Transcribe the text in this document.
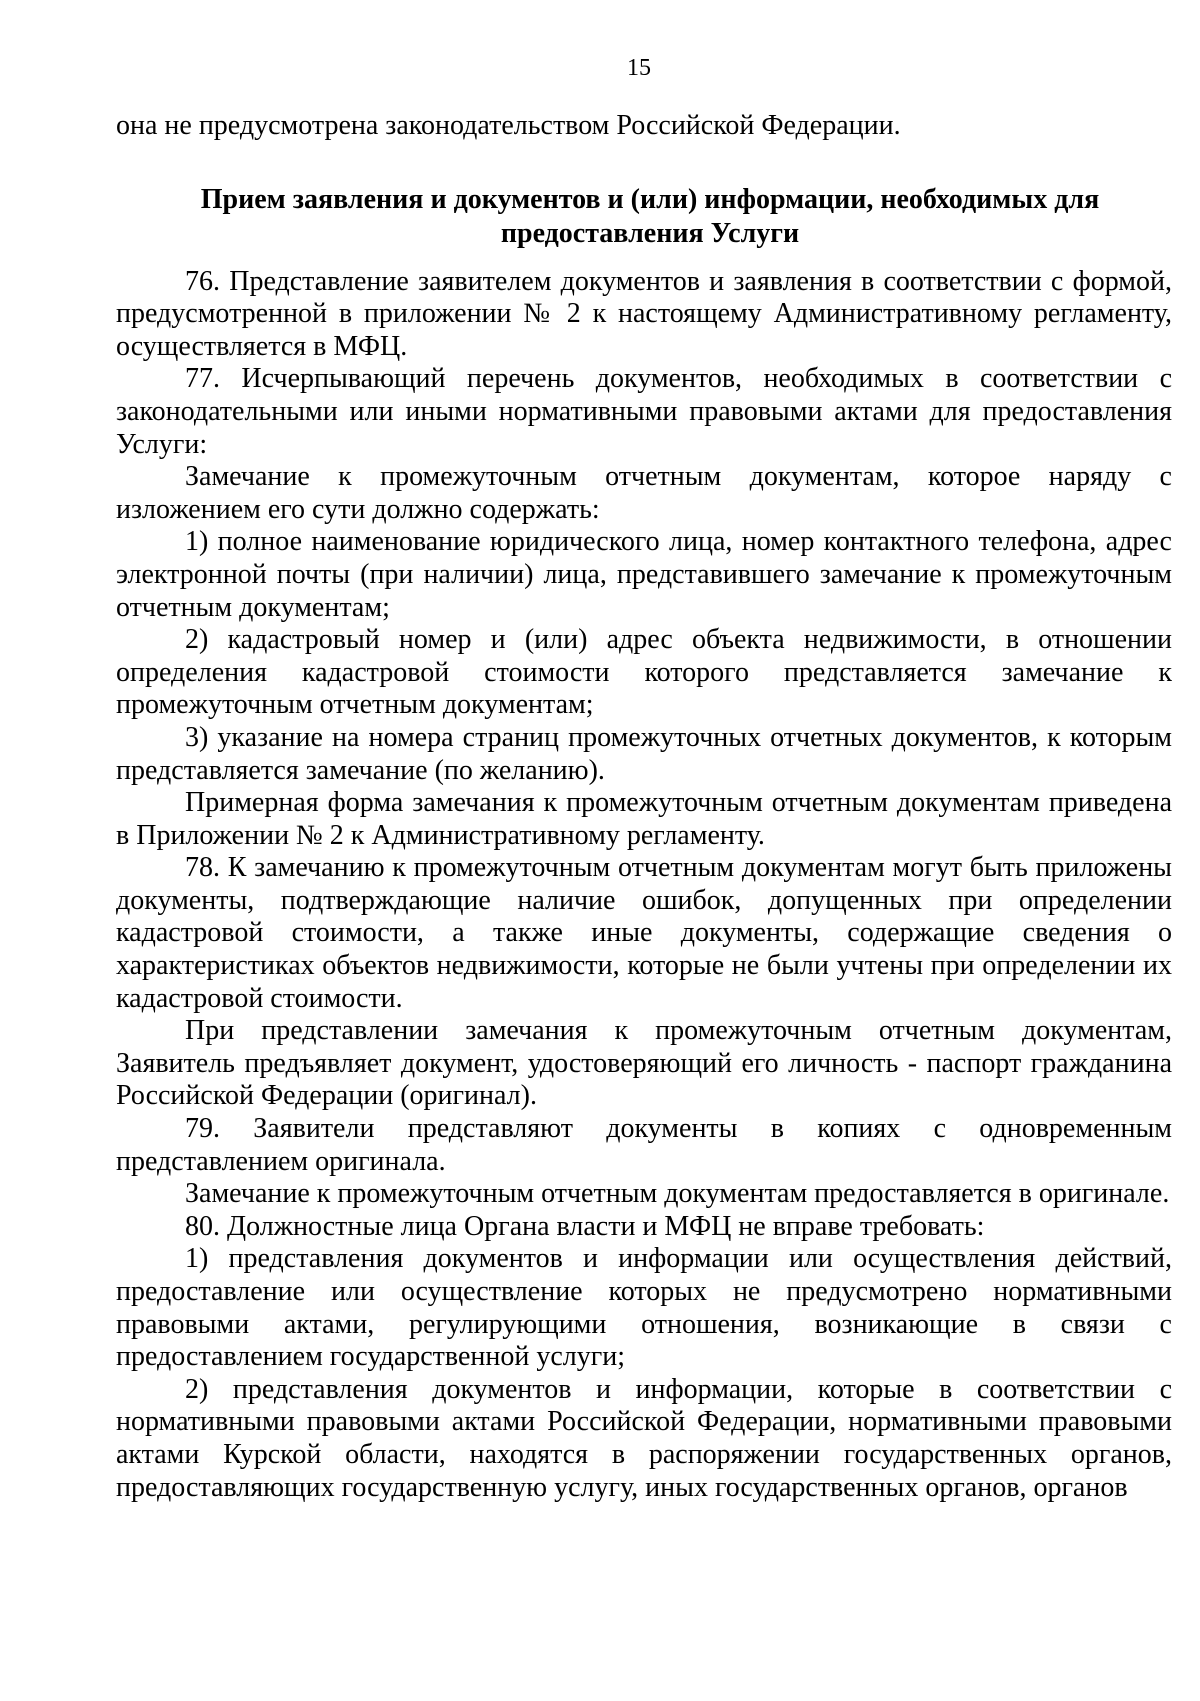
15

она не предусмотрена законодательством Российской Федерации.

Прием заявления и документов и (или) информации, необходимых для предоставления Услуги

76. Представление заявителем документов и заявления в соответствии с формой, предусмотренной в приложении № 2 к настоящему Административному регламенту, осуществляется в МФЦ.

77. Исчерпывающий перечень документов, необходимых в соответствии с законодательными или иными нормативными правовыми актами для предоставления Услуги:

Замечание к промежуточным отчетным документам, которое наряду с изложением его сути должно содержать:

1) полное наименование юридического лица, номер контактного телефона, адрес электронной почты (при наличии) лица, представившего замечание к промежуточным отчетным документам;

2) кадастровый номер и (или) адрес объекта недвижимости, в отношении определения кадастровой стоимости которого представляется замечание к промежуточным отчетным документам;

3) указание на номера страниц промежуточных отчетных документов, к которым представляется замечание (по желанию).

Примерная форма замечания к промежуточным отчетным документам приведена в Приложении № 2 к Административному регламенту.

78. К замечанию к промежуточным отчетным документам могут быть приложены документы, подтверждающие наличие ошибок, допущенных при определении кадастровой стоимости, а также иные документы, содержащие сведения о характеристиках объектов недвижимости, которые не были учтены при определении их кадастровой стоимости.

При представлении замечания к промежуточным отчетным документам, Заявитель предъявляет документ, удостоверяющий его личность - паспорт гражданина Российской Федерации (оригинал).

79. Заявители представляют документы в копиях с одновременным представлением оригинала.

Замечание к промежуточным отчетным документам предоставляется в оригинале.

80. Должностные лица Органа власти и МФЦ не вправе требовать:

1) представления документов и информации или осуществления действий, предоставление или осуществление которых не предусмотрено нормативными правовыми актами, регулирующими отношения, возникающие в связи с предоставлением государственной услуги;

2) представления документов и информации, которые в соответствии с нормативными правовыми актами Российской Федерации, нормативными правовыми актами Курской области, находятся в распоряжении государственных органов, предоставляющих государственную услугу, иных государственных органов, органов
